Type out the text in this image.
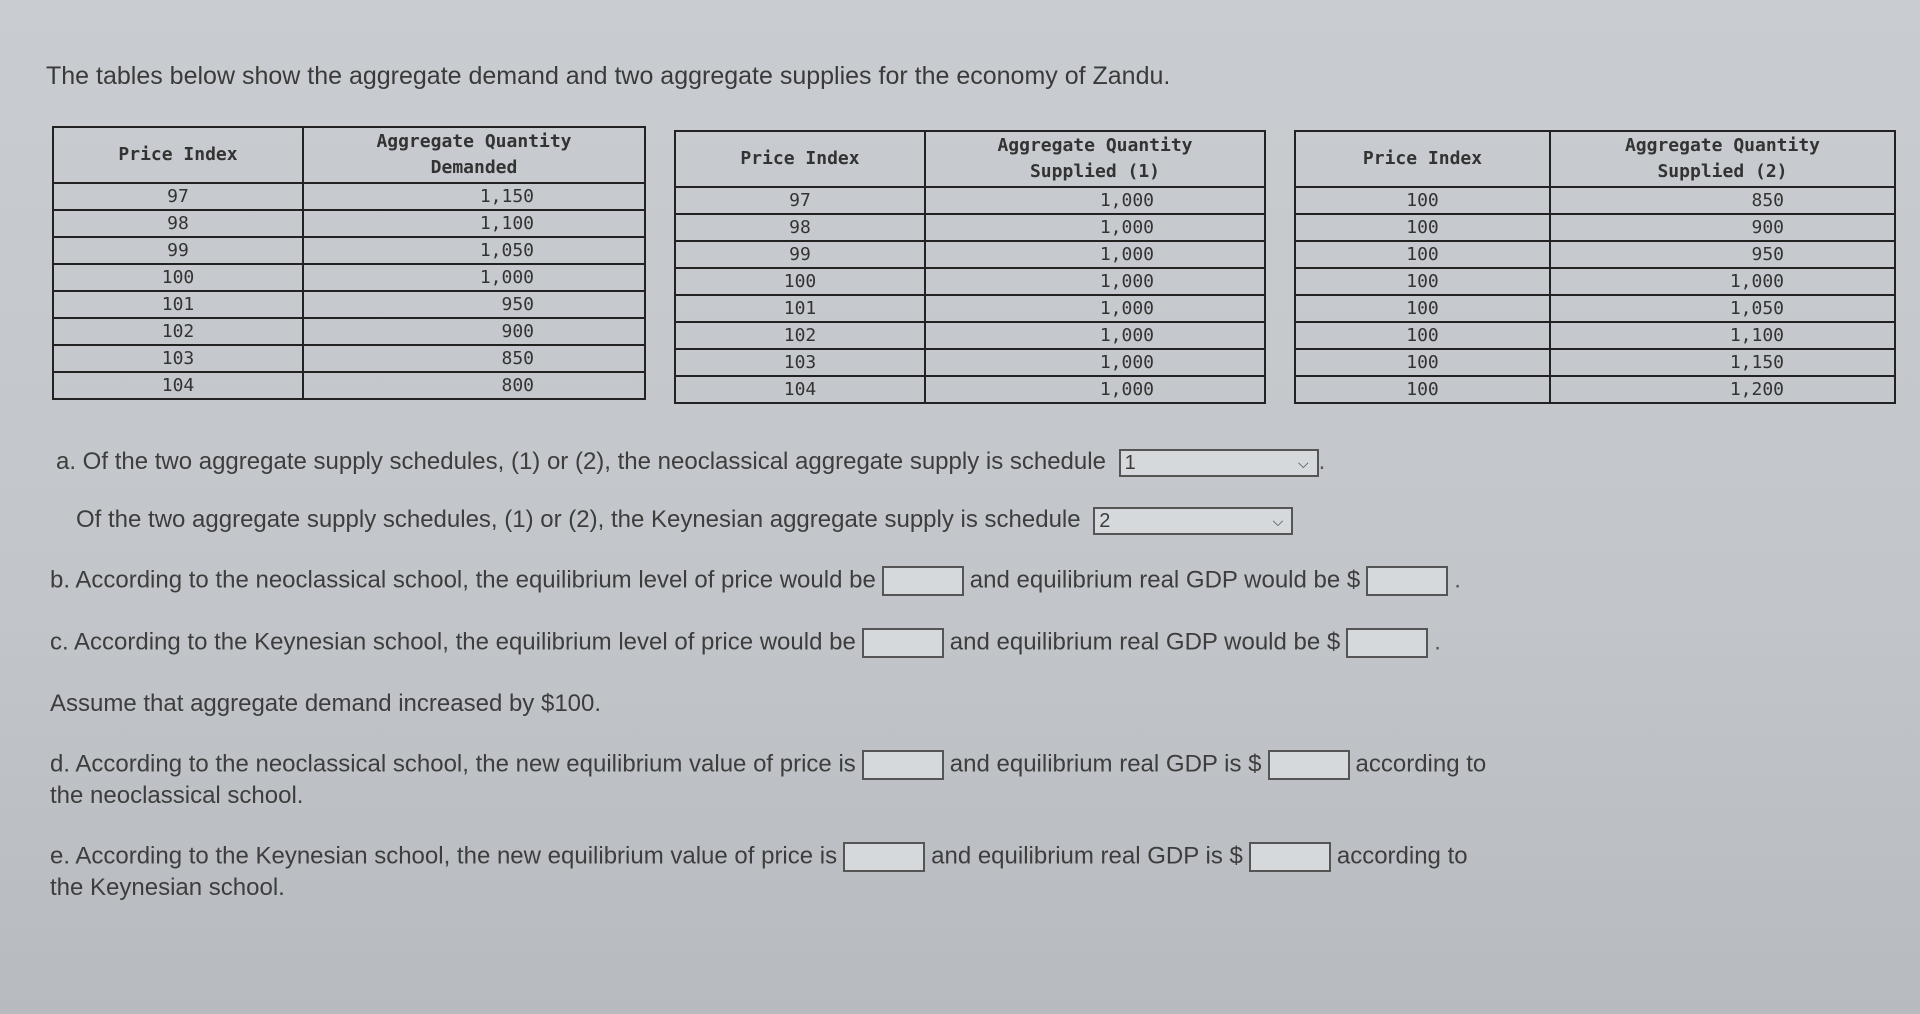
The tables below show the aggregate demand and two aggregate supplies for the economy of Zandu.
Price Index	Aggregate Quantity
Demanded
97	1,150
98	1,100
99	1,050
100	1,000
101	950
102	900
103	850
104	800
Price Index	Aggregate Quantity
Supplied (1)
97	1,000
98	1,000
99	1,000
100	1,000
101	1,000
102	1,000
103	1,000
104	1,000
Price Index	Aggregate Quantity
Supplied (2)
100	850
100	900
100	950
100	1,000
100	1,050
100	1,100
100	1,150
100	1,200
a. Of the two aggregate supply schedules, (1) or (2), the neoclassical aggregate supply is schedule 1	⌵ .
Of the two aggregate supply schedules, (1) or (2), the Keynesian aggregate supply is schedule 2	⌵
b. According to the neoclassical school, the equilibrium level of price would be	and equilibrium real GDP would be $	.
c. According to the Keynesian school, the equilibrium level of price would be	and equilibrium real GDP would be $	.
Assume that aggregate demand increased by $100.
d. According to the neoclassical school, the new equilibrium value of price is	and equilibrium real GDP is $	according to
the neoclassical school.
e. According to the Keynesian school, the new equilibrium value of price is	and equilibrium real GDP is $	according to
the Keynesian school.
